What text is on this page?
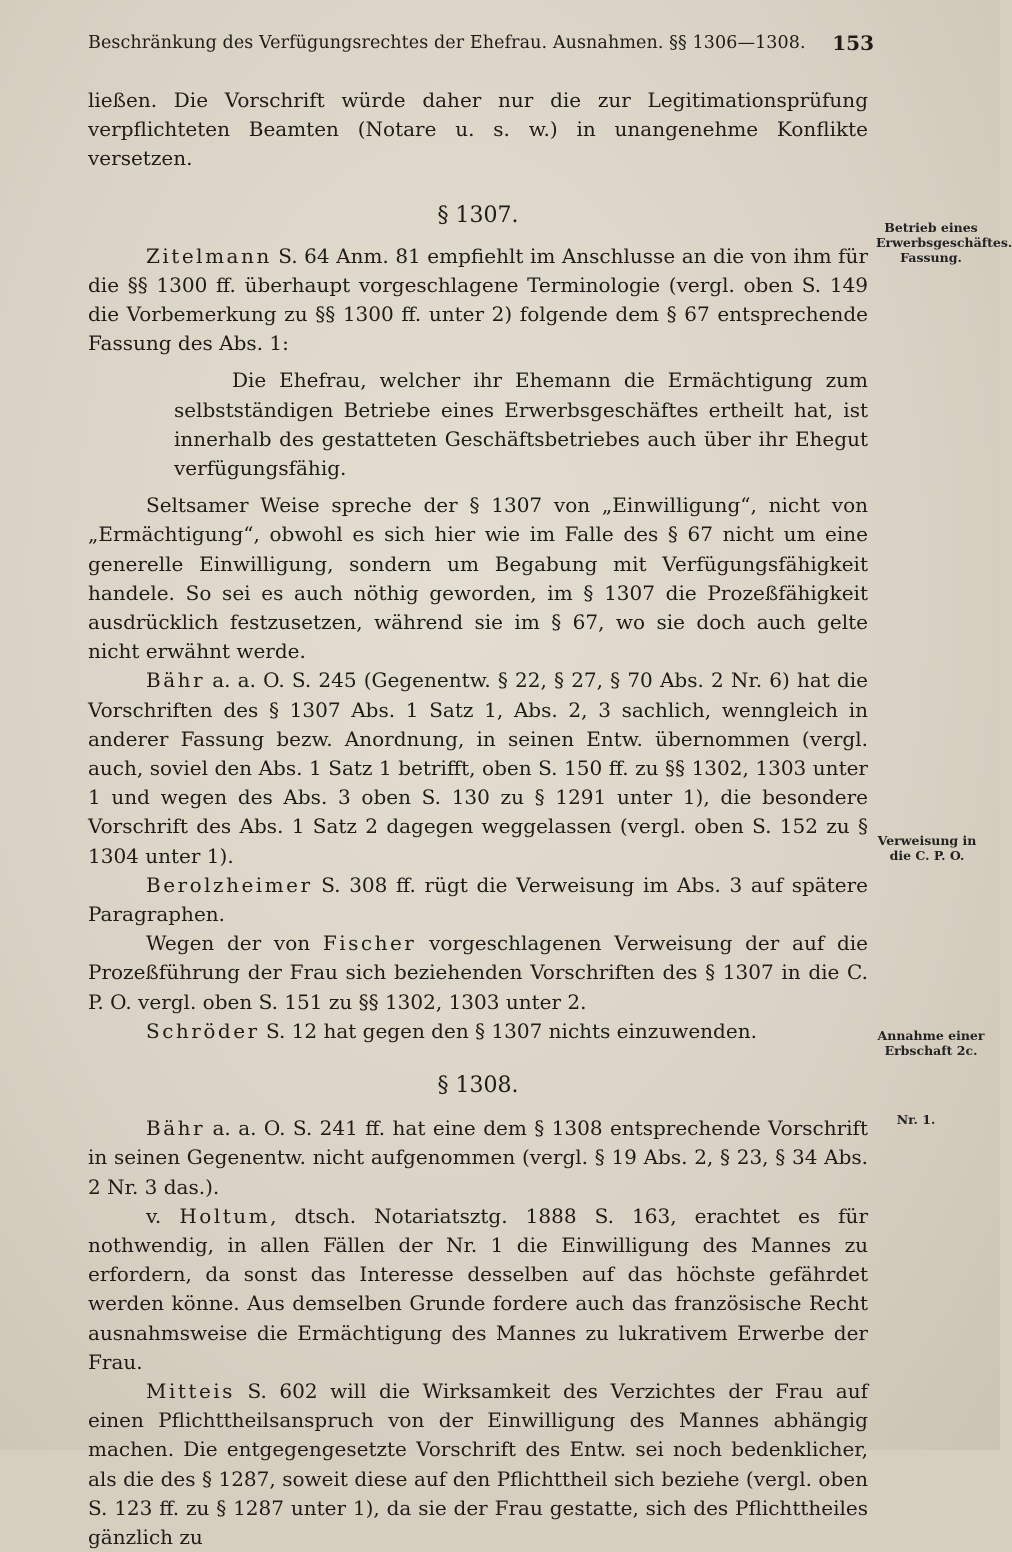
Beschränkung des Verfügungsrechtes der Ehefrau. Ausnahmen. §§ 1306—1308. 153

ließen. Die Vorschrift würde daher nur die zur Legitimationsprüfung verpflichteten Beamten (Notare u. s. w.) in unangenehme Konflikte versetzen.

§ 1307.

Zitelmann S. 64 Anm. 81 empfiehlt im Anschlusse an die von ihm für die §§ 1300 ff. überhaupt vorgeschlagene Terminologie (vergl. oben S. 149 die Vorbemerkung zu §§ 1300 ff. unter 2) folgende dem § 67 entsprechende Fassung des Abs. 1:

Die Ehefrau, welcher ihr Ehemann die Ermächtigung zum selbstständigen Betriebe eines Erwerbsgeschäftes ertheilt hat, ist innerhalb des gestatteten Geschäftsbetriebes auch über ihr Ehegut verfügungsfähig.

Seltsamer Weise spreche der § 1307 von „Einwilligung“, nicht von „Ermächtigung“, obwohl es sich hier wie im Falle des § 67 nicht um eine generelle Einwilligung, sondern um Begabung mit Verfügungsfähigkeit handele. So sei es auch nöthig geworden, im § 1307 die Prozeßfähigkeit ausdrücklich festzusetzen, während sie im § 67, wo sie doch auch gelte nicht erwähnt werde.

Bähr a. a. O. S. 245 (Gegenentw. § 22, § 27, § 70 Abs. 2 Nr. 6) hat die Vorschriften des § 1307 Abs. 1 Satz 1, Abs. 2, 3 sachlich, wenngleich in anderer Fassung bezw. Anordnung, in seinen Entw. übernommen (vergl. auch, soviel den Abs. 1 Satz 1 betrifft, oben S. 150 ff. zu §§ 1302, 1303 unter 1 und wegen des Abs. 3 oben S. 130 zu § 1291 unter 1), die besondere Vorschrift des Abs. 1 Satz 2 dagegen weggelassen (vergl. oben S. 152 zu § 1304 unter 1).

Berolzheimer S. 308 ff. rügt die Verweisung im Abs. 3 auf spätere Paragraphen.

Wegen der von Fischer vorgeschlagenen Verweisung der auf die Prozeßführung der Frau sich beziehenden Vorschriften des § 1307 in die C. P. O. vergl. oben S. 151 zu §§ 1302, 1303 unter 2.

Schröder S. 12 hat gegen den § 1307 nichts einzuwenden.

§ 1308.

Bähr a. a. O. S. 241 ff. hat eine dem § 1308 entsprechende Vorschrift in seinen Gegenentw. nicht aufgenommen (vergl. § 19 Abs. 2, § 23, § 34 Abs. 2 Nr. 3 das.).

v. Holtum, dtsch. Notariatsztg. 1888 S. 163, erachtet es für nothwendig, in allen Fällen der Nr. 1 die Einwilligung des Mannes zu erfordern, da sonst das Interesse desselben auf das höchste gefährdet werden könne. Aus demselben Grunde fordere auch das französische Recht ausnahmsweise die Ermächtigung des Mannes zu lukrativem Erwerbe der Frau.

Mitteis S. 602 will die Wirksamkeit des Verzichtes der Frau auf einen Pflichttheilsanspruch von der Einwilligung des Mannes abhängig machen. Die entgegengesetzte Vorschrift des Entw. sei noch bedenklicher, als die des § 1287, soweit diese auf den Pflichttheil sich beziehe (vergl. oben S. 123 ff. zu § 1287 unter 1), da sie der Frau gestatte, sich des Pflichttheiles gänzlich zu

Betrieb eines Erwerbsgeschäftes. Fassung.
Verweisung in die C. P. O.
Annahme einer Erbschaft 2c.
Nr. 1.
